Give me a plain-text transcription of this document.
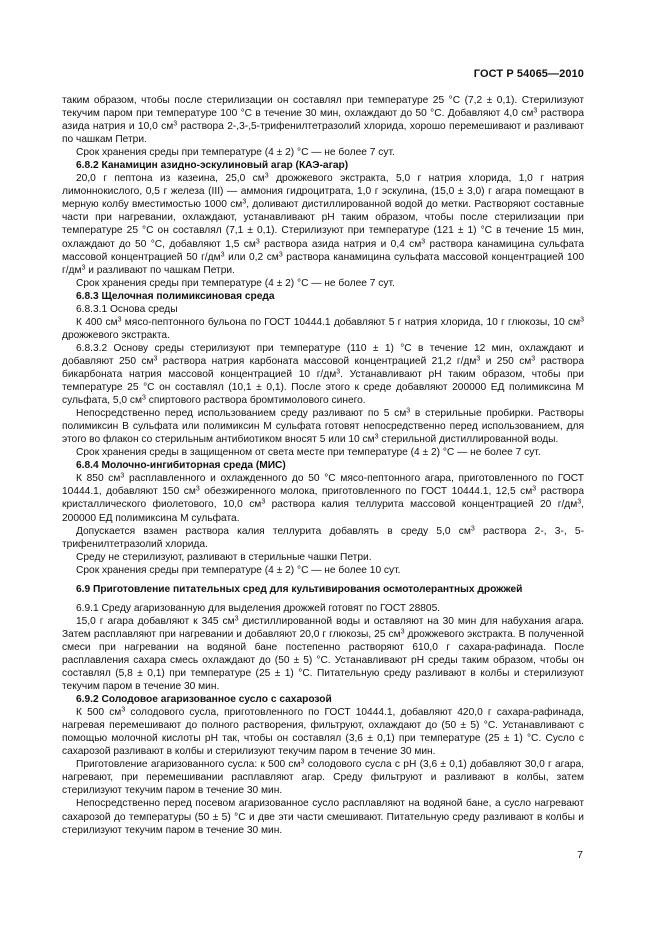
ГОСТ Р 54065—2010

таким образом, чтобы после стерилизации он составлял при температуре 25 °C (7,2 ± 0,1). Стерилизуют текучим паром при температуре 100 °C в течение 30 мин, охлаждают до 50 °C. Добавляют 4,0 $см^3$ раствора азида натрия и 10,0 $см^3$ раствора 2-,3-,5-трифенилтетразолий хлорида, хорошо перемешивают и разливают по чашкам Петри.

Срок хранения среды при температуре (4 ± 2) °C — не более 7 сут.

6.8.2 Канамицин азидно-эскулиновый агар (КАЭ-агар)

20,0 г пептона из казеина, 25,0 $см^3$ дрожжевого экстракта, 5,0 г натрия хлорида, 1,0 г натрия лимоннокислого, 0,5 г железа (III) — аммония гидроцитрата, 1,0 г эскулина, (15,0 ± 3,0) г агара помещают в мерную колбу вместимостью 1000 $см^3$, доливают дистиллированной водой до метки. Растворяют составные части при нагревании, охлаждают, устанавливают pH таким образом, чтобы после стерилизации при температуре 25 °C он составлял (7,1 ± 0,1). Стерилизуют при температуре (121 ± 1) °C в течение 15 мин, охлаждают до 50 °C, добавляют 1,5 $см^3$ раствора азида натрия и 0,4 $см^3$ раствора канамицина сульфата массовой концентрацией 50 $г/дм^3$ или 0,2 $см^3$ раствора канамицина сульфата массовой концентрацией 100 $г/дм^3$ и разливают по чашкам Петри.

Срок хранения среды при температуре (4 ± 2) °C — не более 7 сут.

6.8.3 Щелочная полимиксиновая среда

6.8.3.1 Основа среды

К 400 $см^3$ мясо-пептонного бульона по ГОСТ 10444.1 добавляют 5 г натрия хлорида, 10 г глюкозы, 10 $см^3$ дрожжевого экстракта.

6.8.3.2 Основу среды стерилизуют при температуре (110 ± 1) °C в течение 12 мин, охлаждают и добавляют 250 $см^3$ раствора натрия карбоната массовой концентрацией 21,2 $г/дм^3$ и 250 $см^3$ раствора бикарбоната натрия массовой концентрацией 10 $г/дм^3$. Устанавливают pH таким образом, чтобы при температуре 25 °C он составлял (10,1 ± 0,1). После этого к среде добавляют 200000 ЕД полимиксина М сульфата, 5,0 $см^3$ спиртового раствора бромтимолового синего.

Непосредственно перед использованием среду разливают по 5 $см^3$ в стерильные пробирки. Растворы полимиксин В сульфата или полимиксин М сульфата готовят непосредственно перед использованием, для этого во флакон со стерильным антибиотиком вносят 5 или 10 $см^3$ стерильной дистиллированной воды.

Срок хранения среды в защищенном от света месте при температуре (4 ± 2) °C — не более 7 сут.

6.8.4 Молочно-ингибиторная среда (МИС)

К 850 $см^3$ расплавленного и охлажденного до 50 °C мясо-пептонного агара, приготовленного по ГОСТ 10444.1, добавляют 150 $см^3$ обезжиренного молока, приготовленного по ГОСТ 10444.1, 12,5 $см^3$ раствора кристаллического фиолетового, 10,0 $см^3$ раствора калия теллурита массовой концентрацией 20 $г/дм^3$, 200000 ЕД полимиксина М сульфата.

Допускается взамен раствора калия теллурита добавлять в среду 5,0 $см^3$ раствора 2-, 3-, 5-трифенилтетразолий хлорида.

Среду не стерилизуют, разливают в стерильные чашки Петри.

Срок хранения среды при температуре (4 ± 2) °C — не более 10 сут.

6.9 Приготовление питательных сред для культивирования осмотолерантных дрожжей

6.9.1 Среду агаризованную для выделения дрожжей готовят по ГОСТ 28805.

15,0 г агара добавляют к 345 $см^3$ дистиллированной воды и оставляют на 30 мин для набухания агара. Затем расплавляют при нагревании и добавляют 20,0 г глюкозы, 25 $см^3$ дрожжевого экстракта. В полученной смеси при нагревании на водяной бане постепенно растворяют 610,0 г сахара-рафинада. После расплавления сахара смесь охлаждают до (50 ± 5) °C. Устанавливают pH среды таким образом, чтобы он составлял (5,8 ± 0,1) при температуре (25 ± 1) °C. Питательную среду разливают в колбы и стерилизуют текучим паром в течение 30 мин.

6.9.2 Солодовое агаризованное сусло с сахарозой

К 500 $см^3$ солодового сусла, приготовленного по ГОСТ 10444.1, добавляют 420,0 г сахара-рафинада, нагревая перемешивают до полного растворения, фильтруют, охлаждают до (50 ± 5) °C. Устанавливают с помощью молочной кислоты pH так, чтобы он составлял (3,6 ± 0,1) при температуре (25 ± 1) °C. Сусло с сахарозой разливают в колбы и стерилизуют текучим паром в течение 30 мин.

Приготовление агаризованного сусла: к 500 $см^3$ солодового сусла с pH (3,6 ± 0,1) добавляют 30,0 г агара, нагревают, при перемешивании расплавляют агар. Среду фильтруют и разливают в колбы, затем стерилизуют текучим паром в течение 30 мин.

Непосредственно перед посевом агаризованное сусло расплавляют на водяной бане, а сусло нагревают сахарозой до температуры (50 ± 5) °C и две эти части смешивают. Питательную среду разливают в колбы и стерилизуют текучим паром в течение 30 мин.

7
